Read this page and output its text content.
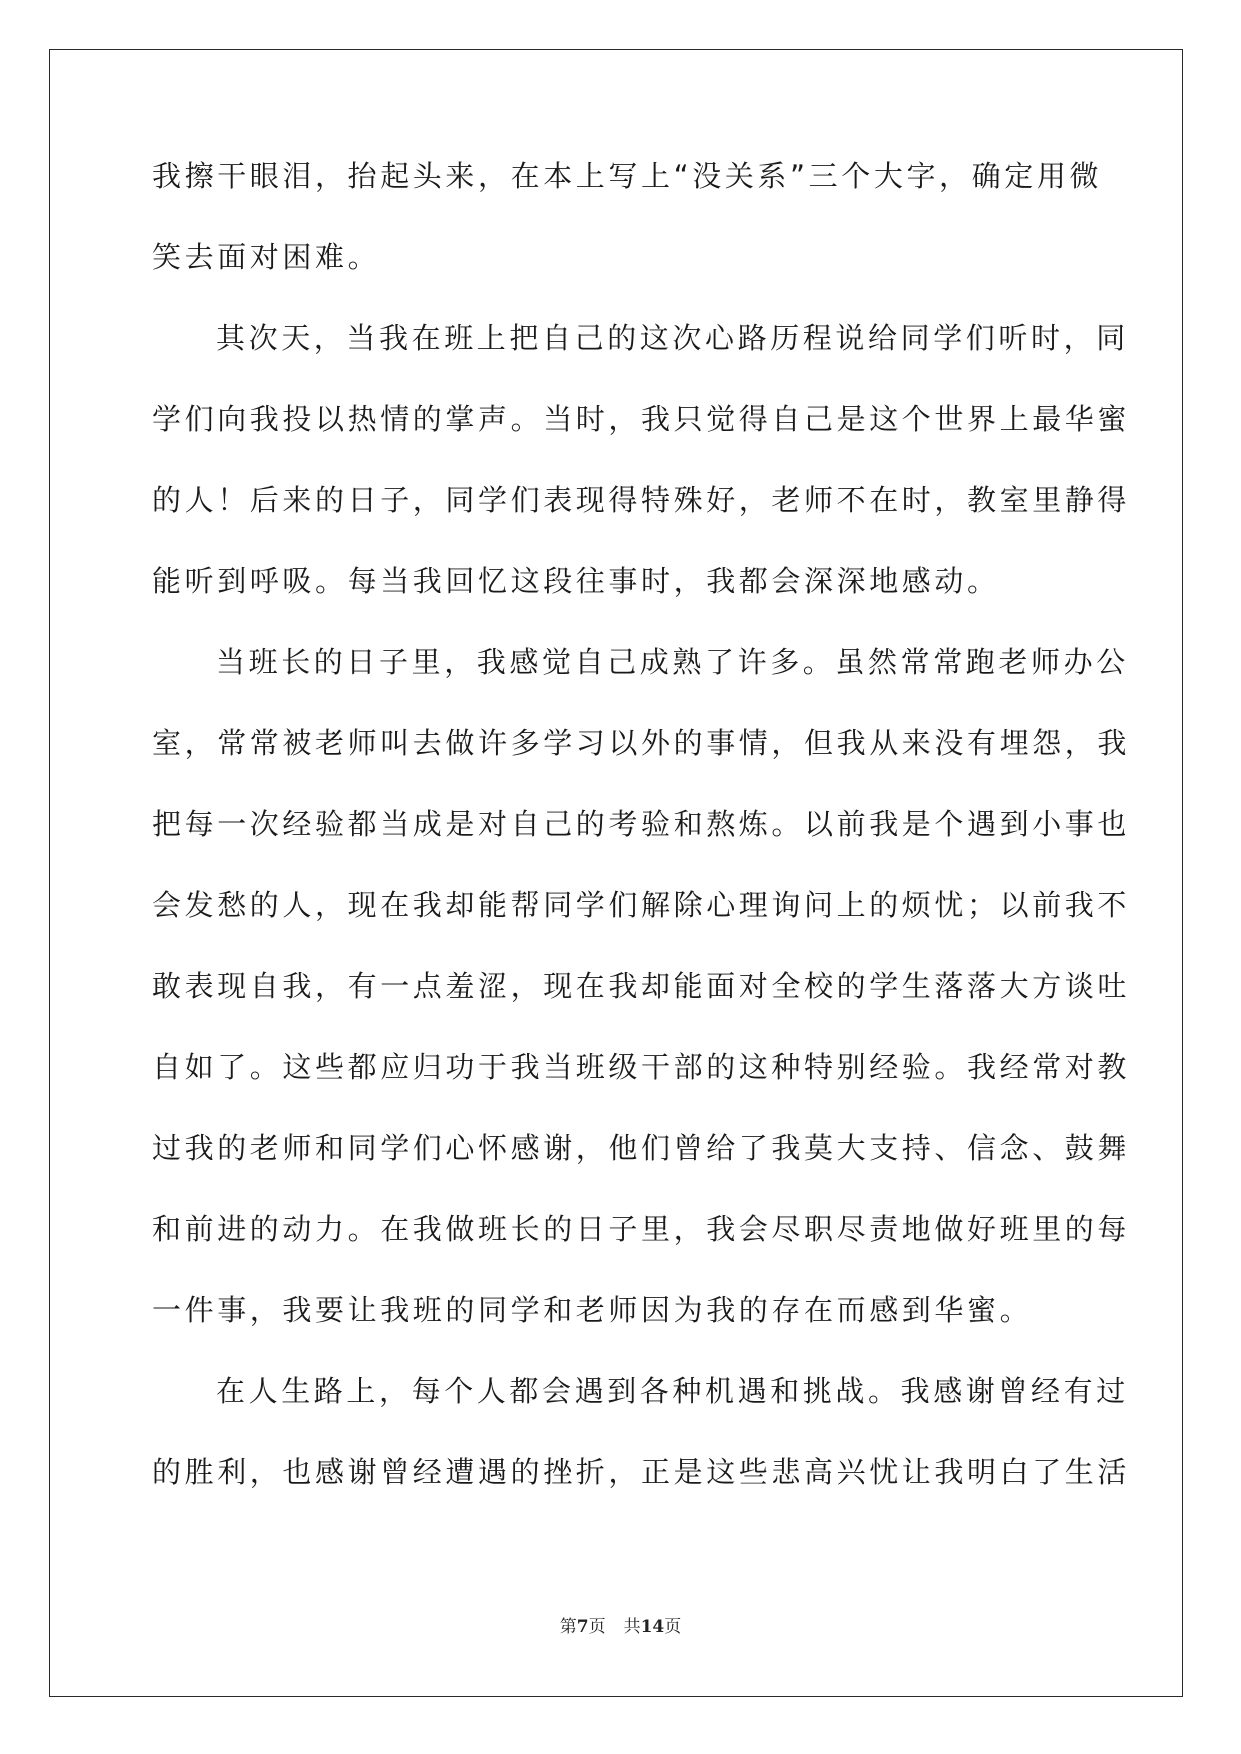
我擦干眼泪，抬起头来，在本上写上“没关系”三个大字，确定用微
笑去面对困难。
其次天，当我在班上把自己的这次心路历程说给同学们听时，同
学们向我投以热情的掌声。当时，我只觉得自己是这个世界上最华蜜
的人！后来的日子，同学们表现得特殊好，老师不在时，教室里静得
能听到呼吸。每当我回忆这段往事时，我都会深深地感动。
当班长的日子里，我感觉自己成熟了许多。虽然常常跑老师办公
室，常常被老师叫去做许多学习以外的事情，但我从来没有埋怨，我
把每一次经验都当成是对自己的考验和熬炼。以前我是个遇到小事也
会发愁的人，现在我却能帮同学们解除心理询问上的烦忧；以前我不
敢表现自我，有一点羞涩，现在我却能面对全校的学生落落大方谈吐
自如了。这些都应归功于我当班级干部的这种特别经验。我经常对教
过我的老师和同学们心怀感谢，他们曾给了我莫大支持、信念、鼓舞
和前进的动力。在我做班长的日子里，我会尽职尽责地做好班里的每
一件事，我要让我班的同学和老师因为我的存在而感到华蜜。
在人生路上，每个人都会遇到各种机遇和挑战。我感谢曾经有过
的胜利，也感谢曾经遭遇的挫折，正是这些悲高兴忧让我明白了生活
第7页 共14页
